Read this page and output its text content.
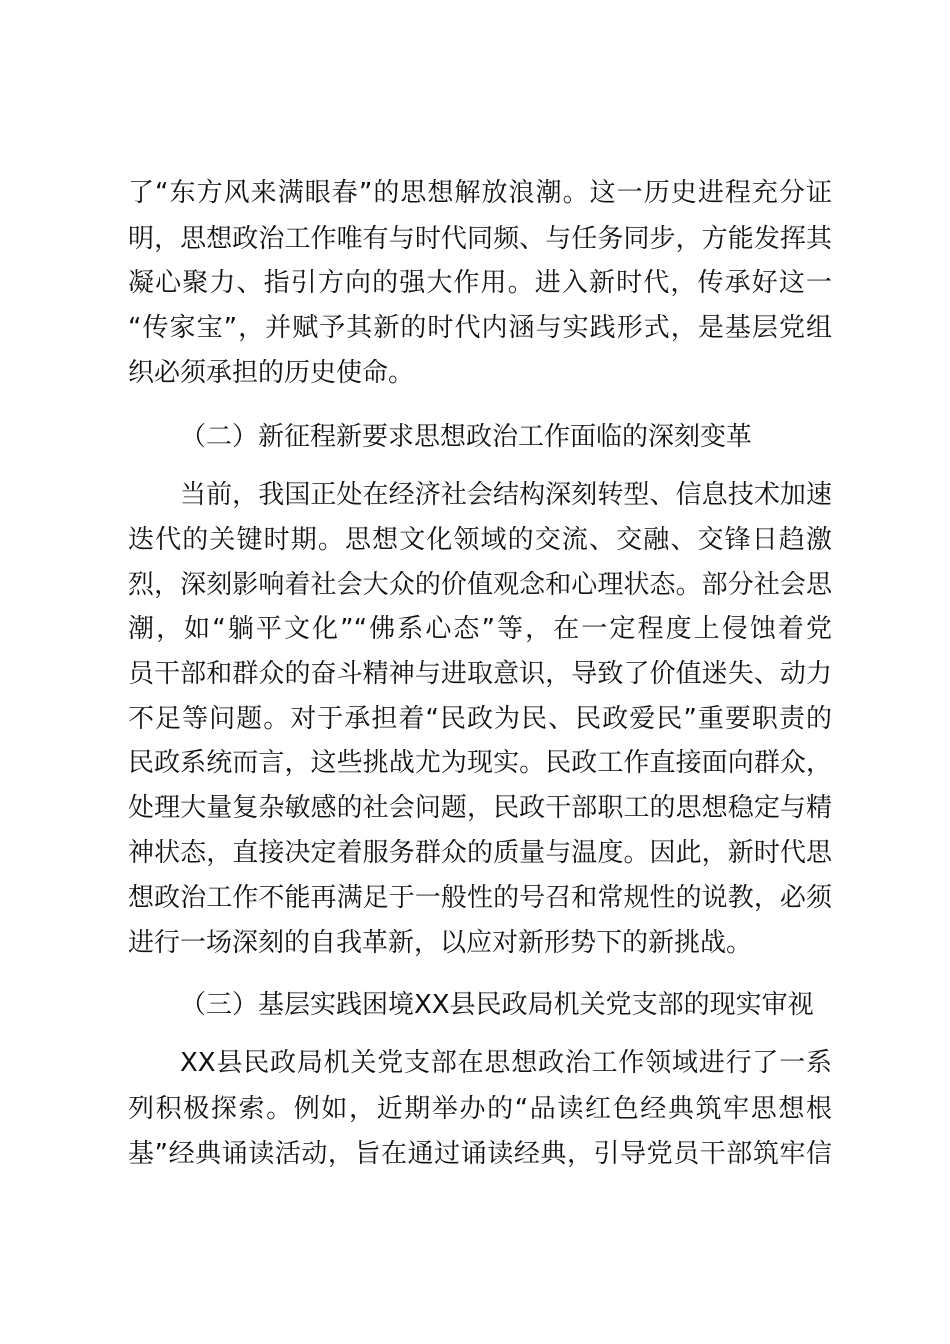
了“东方风来满眼春”的思想解放浪潮。这一历史进程充分证
明，思想政治工作唯有与时代同频、与任务同步，方能发挥其
凝心聚力、指引方向的强大作用。进入新时代，传承好这一
“传家宝”，并赋予其新的时代内涵与实践形式，是基层党组
织必须承担的历史使命。
（二）新征程新要求思想政治工作面临的深刻变革
当前，我国正处在经济社会结构深刻转型、信息技术加速
迭代的关键时期。思想文化领域的交流、交融、交锋日趋激
烈，深刻影响着社会大众的价值观念和心理状态。部分社会思
潮，如“躺平文化”“佛系心态”等，在一定程度上侵蚀着党
员干部和群众的奋斗精神与进取意识，导致了价值迷失、动力
不足等问题。对于承担着“民政为民、民政爱民”重要职责的
民政系统而言，这些挑战尤为现实。民政工作直接面向群众，
处理大量复杂敏感的社会问题，民政干部职工的思想稳定与精
神状态，直接决定着服务群众的质量与温度。因此，新时代思
想政治工作不能再满足于一般性的号召和常规性的说教，必须
进行一场深刻的自我革新，以应对新形势下的新挑战。
（三）基层实践困境XX县民政局机关党支部的现实审视
XX县民政局机关党支部在思想政治工作领域进行了一系
列积极探索。例如，近期举办的“品读红色经典筑牢思想根
基”经典诵读活动，旨在通过诵读经典，引导党员干部筑牢信
